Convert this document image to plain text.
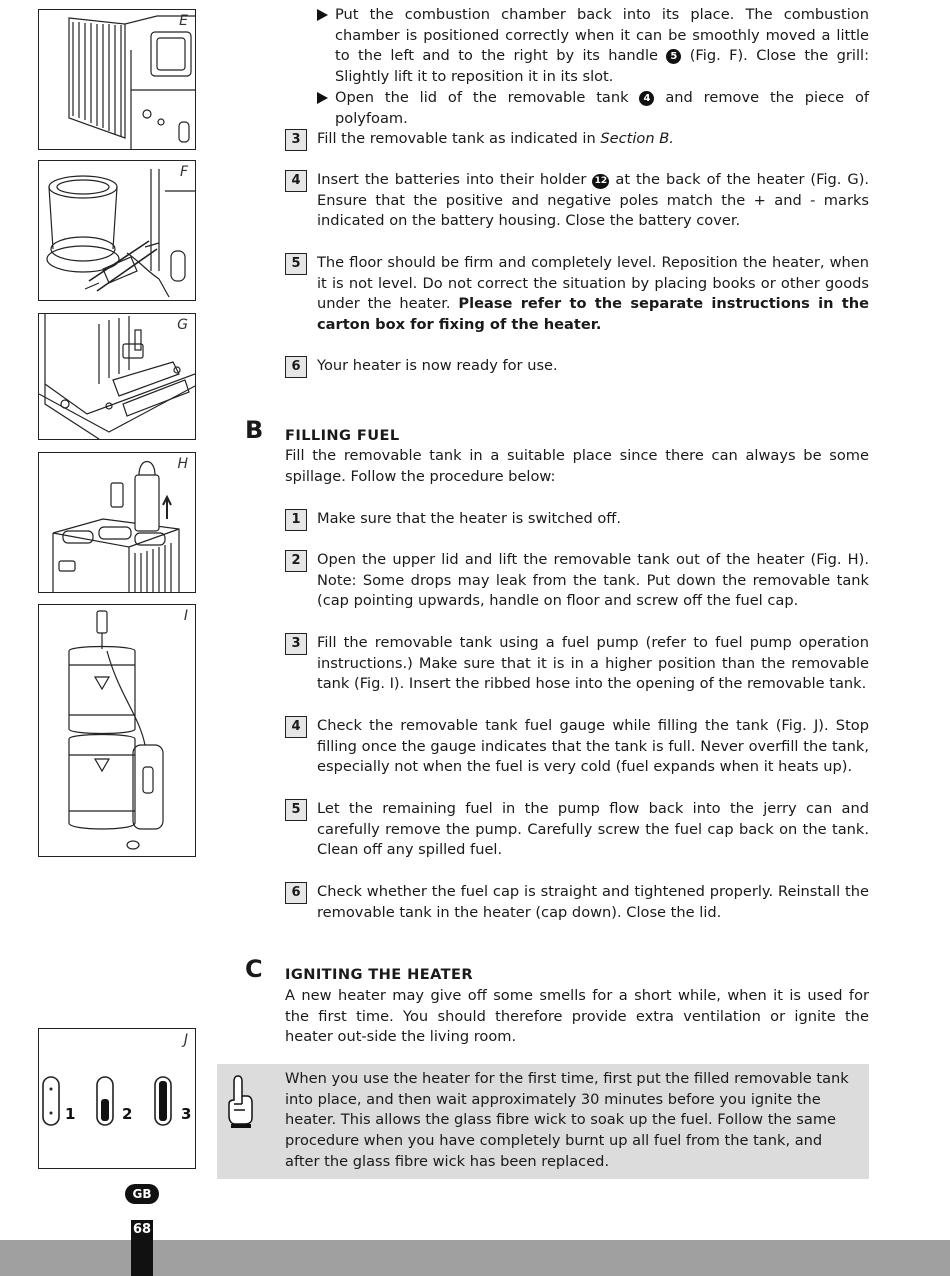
E
F
G
H
I
J
1	2	3
Put the combustion chamber back into its place. The combustion chamber is positioned correctly when it can be smoothly moved a little to the left and to the right by its handle 5 (Fig. F). Close the grill: Slightly lift it to reposition it in its slot.
Open the lid of the removable tank 4 and remove the piece of polyfoam.
3	Fill the removable tank as indicated in Section B.
4	Insert the batteries into their holder 12 at the back of the heater (Fig. G). Ensure that the positive and negative poles match the + and - marks indicated on the battery housing. Close the battery cover.
5	The floor should be firm and completely level. Reposition the heater, when it is not level. Do not correct the situation by placing books or other goods under the heater. Please refer to the separate instructions in the carton box for fixing of the heater.
6	Your heater is now ready for use.
B FILLING FUEL
Fill the removable tank in a suitable place since there can always be some spillage. Follow the procedure below:
1	Make sure that the heater is switched off.
2	Open the upper lid and lift the removable tank out of the heater (Fig. H). Note: Some drops may leak from the tank. Put down the removable tank (cap pointing upwards, handle on floor and screw off the fuel cap.
3	Fill the removable tank using a fuel pump (refer to fuel pump operation instructions.) Make sure that it is in a higher position than the removable tank (Fig. I). Insert the ribbed hose into the opening of the removable tank.
4	Check the removable tank fuel gauge while filling the tank (Fig. J). Stop filling once the gauge indicates that the tank is full. Never overfill the tank, especially not when the fuel is very cold (fuel expands when it heats up).
5	Let the remaining fuel in the pump flow back into the jerry can and carefully remove the pump. Carefully screw the fuel cap back on the tank. Clean off any spilled fuel.
6	Check whether the fuel cap is straight and tightened properly. Reinstall the removable tank in the heater (cap down). Close the lid.
C IGNITING THE HEATER
A new heater may give off some smells for a short while, when it is used for the first time. You should therefore provide extra ventilation or ignite the heater out-side the living room.
When you use the heater for the first time, first put the filled removable tank into place, and then wait approximately 30 minutes before you ignite the heater. This allows the glass fibre wick to soak up the fuel. Follow the same procedure when you have completely burnt up all fuel from the tank, and after the glass fibre wick has been replaced.
GB
68
